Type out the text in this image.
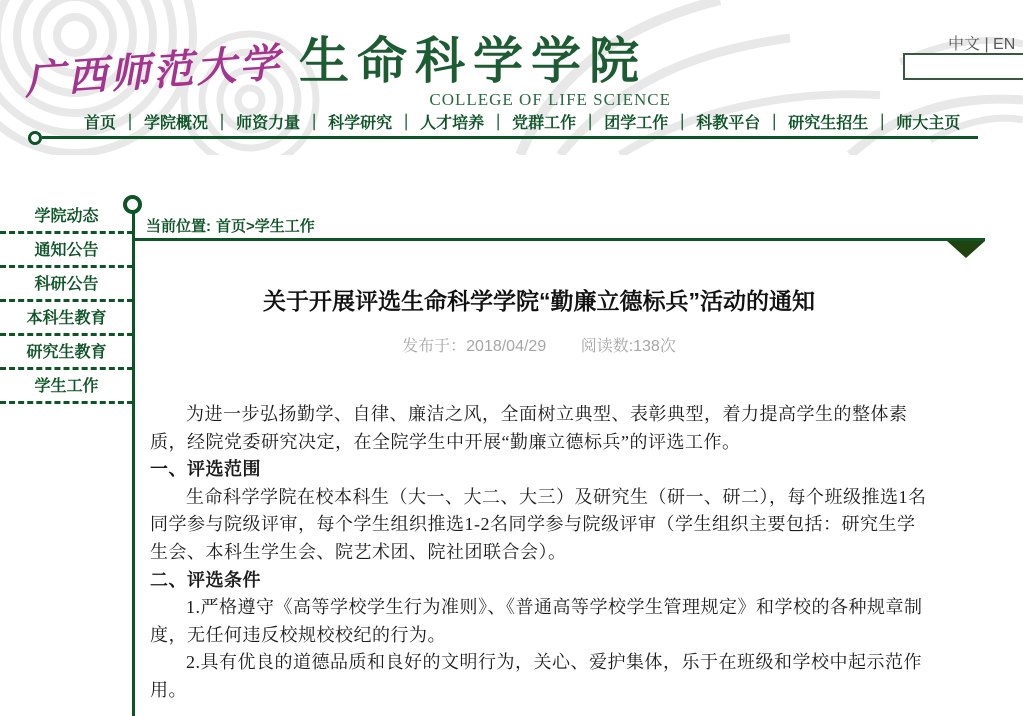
广西师范大学 生命科学学院
COLLEGE OF LIFE SCIENCE
中文 | EN
首页 ｜ 学院概况 ｜ 师资力量 ｜ 科学研究 ｜ 人才培养 ｜ 党群工作 ｜ 团学工作 ｜ 科教平台 ｜ 研究生招生 ｜ 师大主页
学院动态
通知公告
科研公告
本科生教育
研究生教育
学生工作
当前位置: 首页>学生工作
关于开展评选生命科学学院“勤廉立德标兵”活动的通知
发布于：2018/04/29 阅读数:138次

为进一步弘扬勤学、自律、廉洁之风，全面树立典型、表彰典型，着力提高学生的整体素质，经院党委研究决定，在全院学生中开展“勤廉立德标兵”的评选工作。

一、评选范围

生命科学学院在校本科生（大一、大二、大三）及研究生（研一、研二），每个班级推选1名同学参与院级评审，每个学生组织推选1-2名同学参与院级评审（学生组织主要包括：研究生学生会、本科生学生会、院艺术团、院社团联合会）。

二、评选条件

1.严格遵守《高等学校学生行为准则》、《普通高等学校学生管理规定》和学校的各种规章制度，无任何违反校规校校纪的行为。

2.具有优良的道德品质和良好的文明行为，关心、爱护集体，乐于在班级和学校中起示范作用。
